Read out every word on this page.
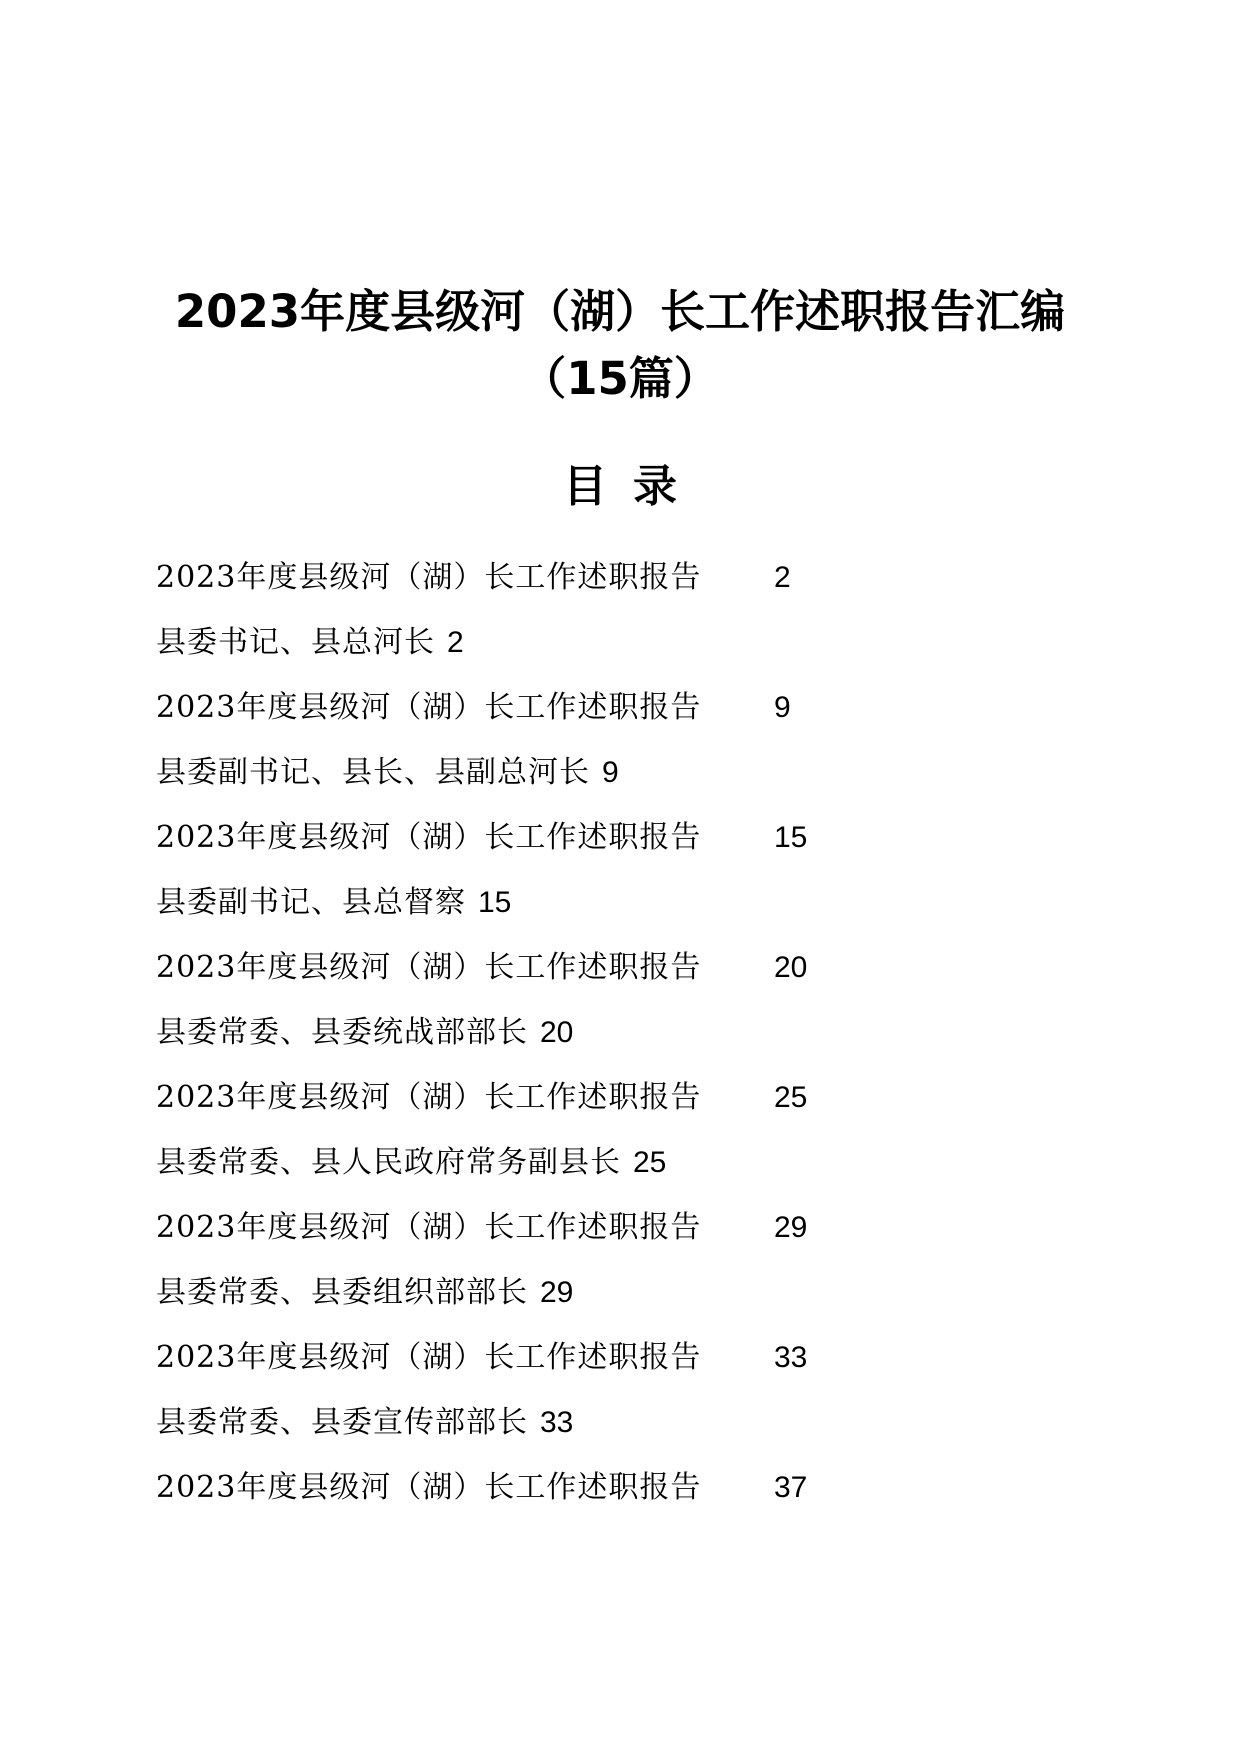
2023年度县级河（湖）长工作述职报告汇编
（15篇）
目录
2023年度县级河（湖）长工作述职报告 2
县委书记、县总河长 2
2023年度县级河（湖）长工作述职报告 9
县委副书记、县长、县副总河长 9
2023年度县级河（湖）长工作述职报告 15
县委副书记、县总督察 15
2023年度县级河（湖）长工作述职报告 20
县委常委、县委统战部部长 20
2023年度县级河（湖）长工作述职报告 25
县委常委、县人民政府常务副县长 25
2023年度县级河（湖）长工作述职报告 29
县委常委、县委组织部部长 29
2023年度县级河（湖）长工作述职报告 33
县委常委、县委宣传部部长 33
2023年度县级河（湖）长工作述职报告 37
